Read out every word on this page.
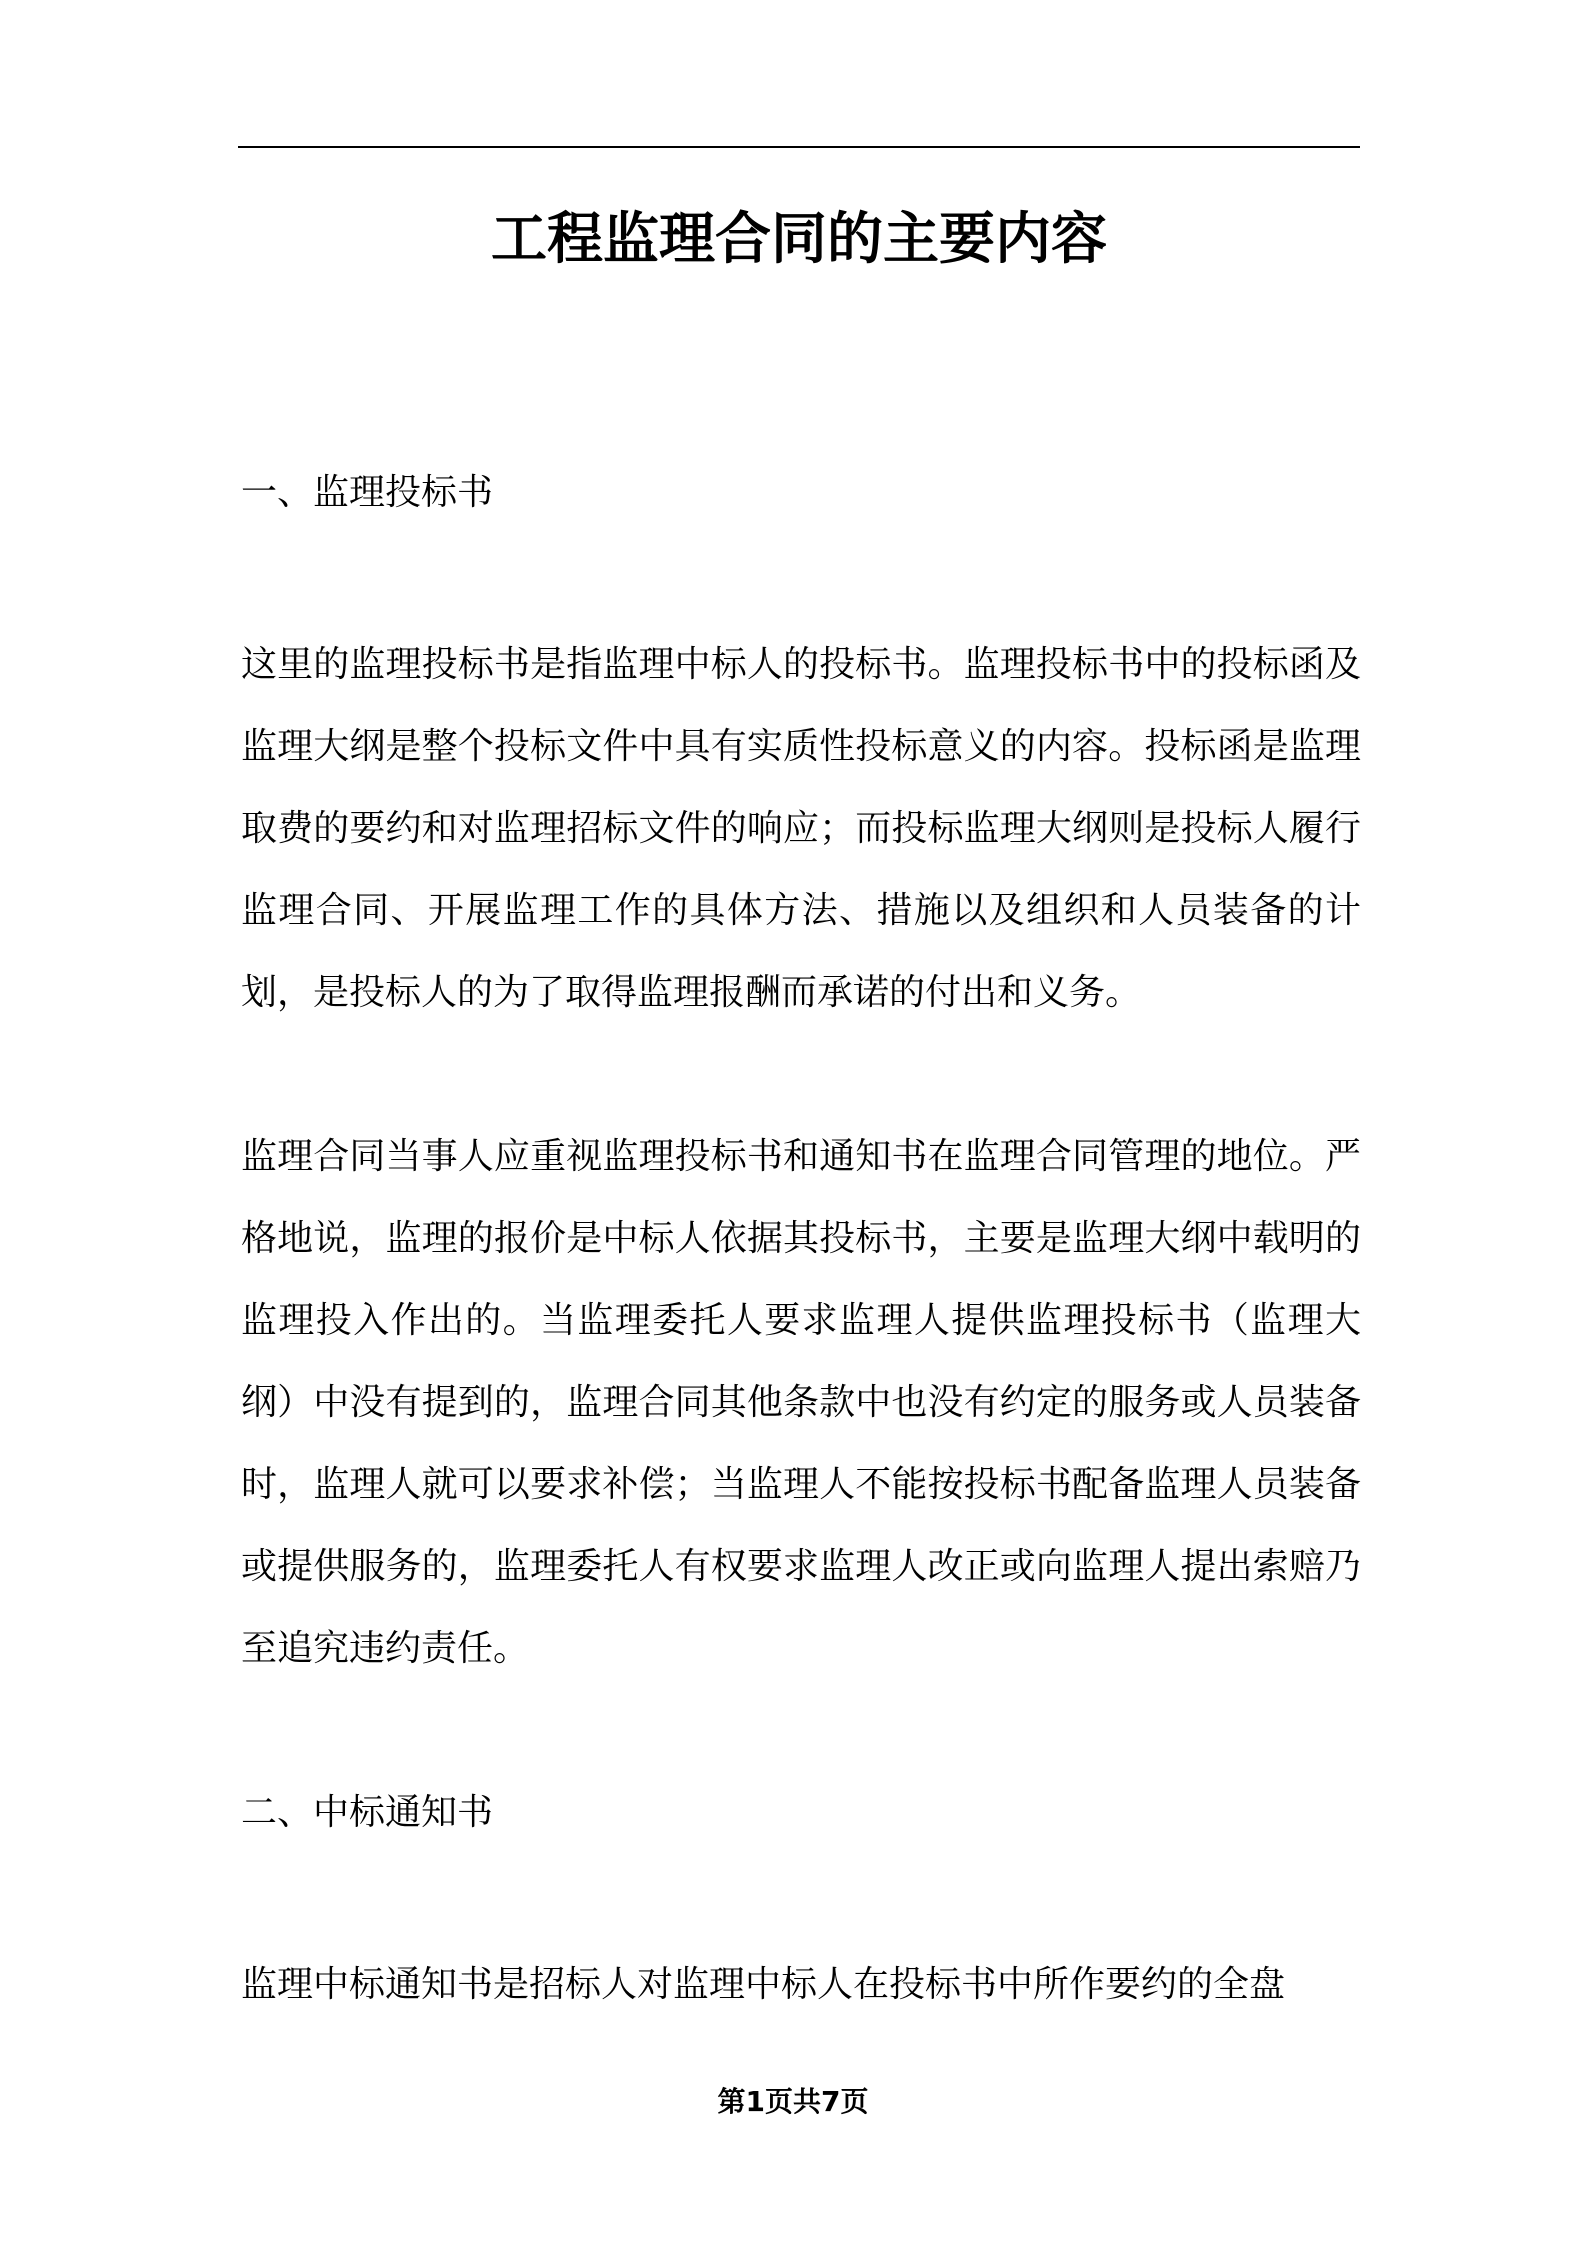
工程监理合同的主要内容

一、监理投标书

这里的监理投标书是指监理中标人的投标书。监理投标书中的投标函及监理大纲是整个投标文件中具有实质性投标意义的内容。投标函是监理取费的要约和对监理招标文件的响应；而投标监理大纲则是投标人履行监理合同、开展监理工作的具体方法、措施以及组织和人员装备的计划，是投标人的为了取得监理报酬而承诺的付出和义务。

监理合同当事人应重视监理投标书和通知书在监理合同管理的地位。严格地说，监理的报价是中标人依据其投标书，主要是监理大纲中载明的监理投入作出的。当监理委托人要求监理人提供监理投标书（监理大纲）中没有提到的，监理合同其他条款中也没有约定的服务或人员装备时，监理人就可以要求补偿；当监理人不能按投标书配备监理人员装备或提供服务的，监理委托人有权要求监理人改正或向监理人提出索赔乃至追究违约责任。

二、中标通知书

监理中标通知书是招标人对监理中标人在投标书中所作要约的全盘

第1页共7页
